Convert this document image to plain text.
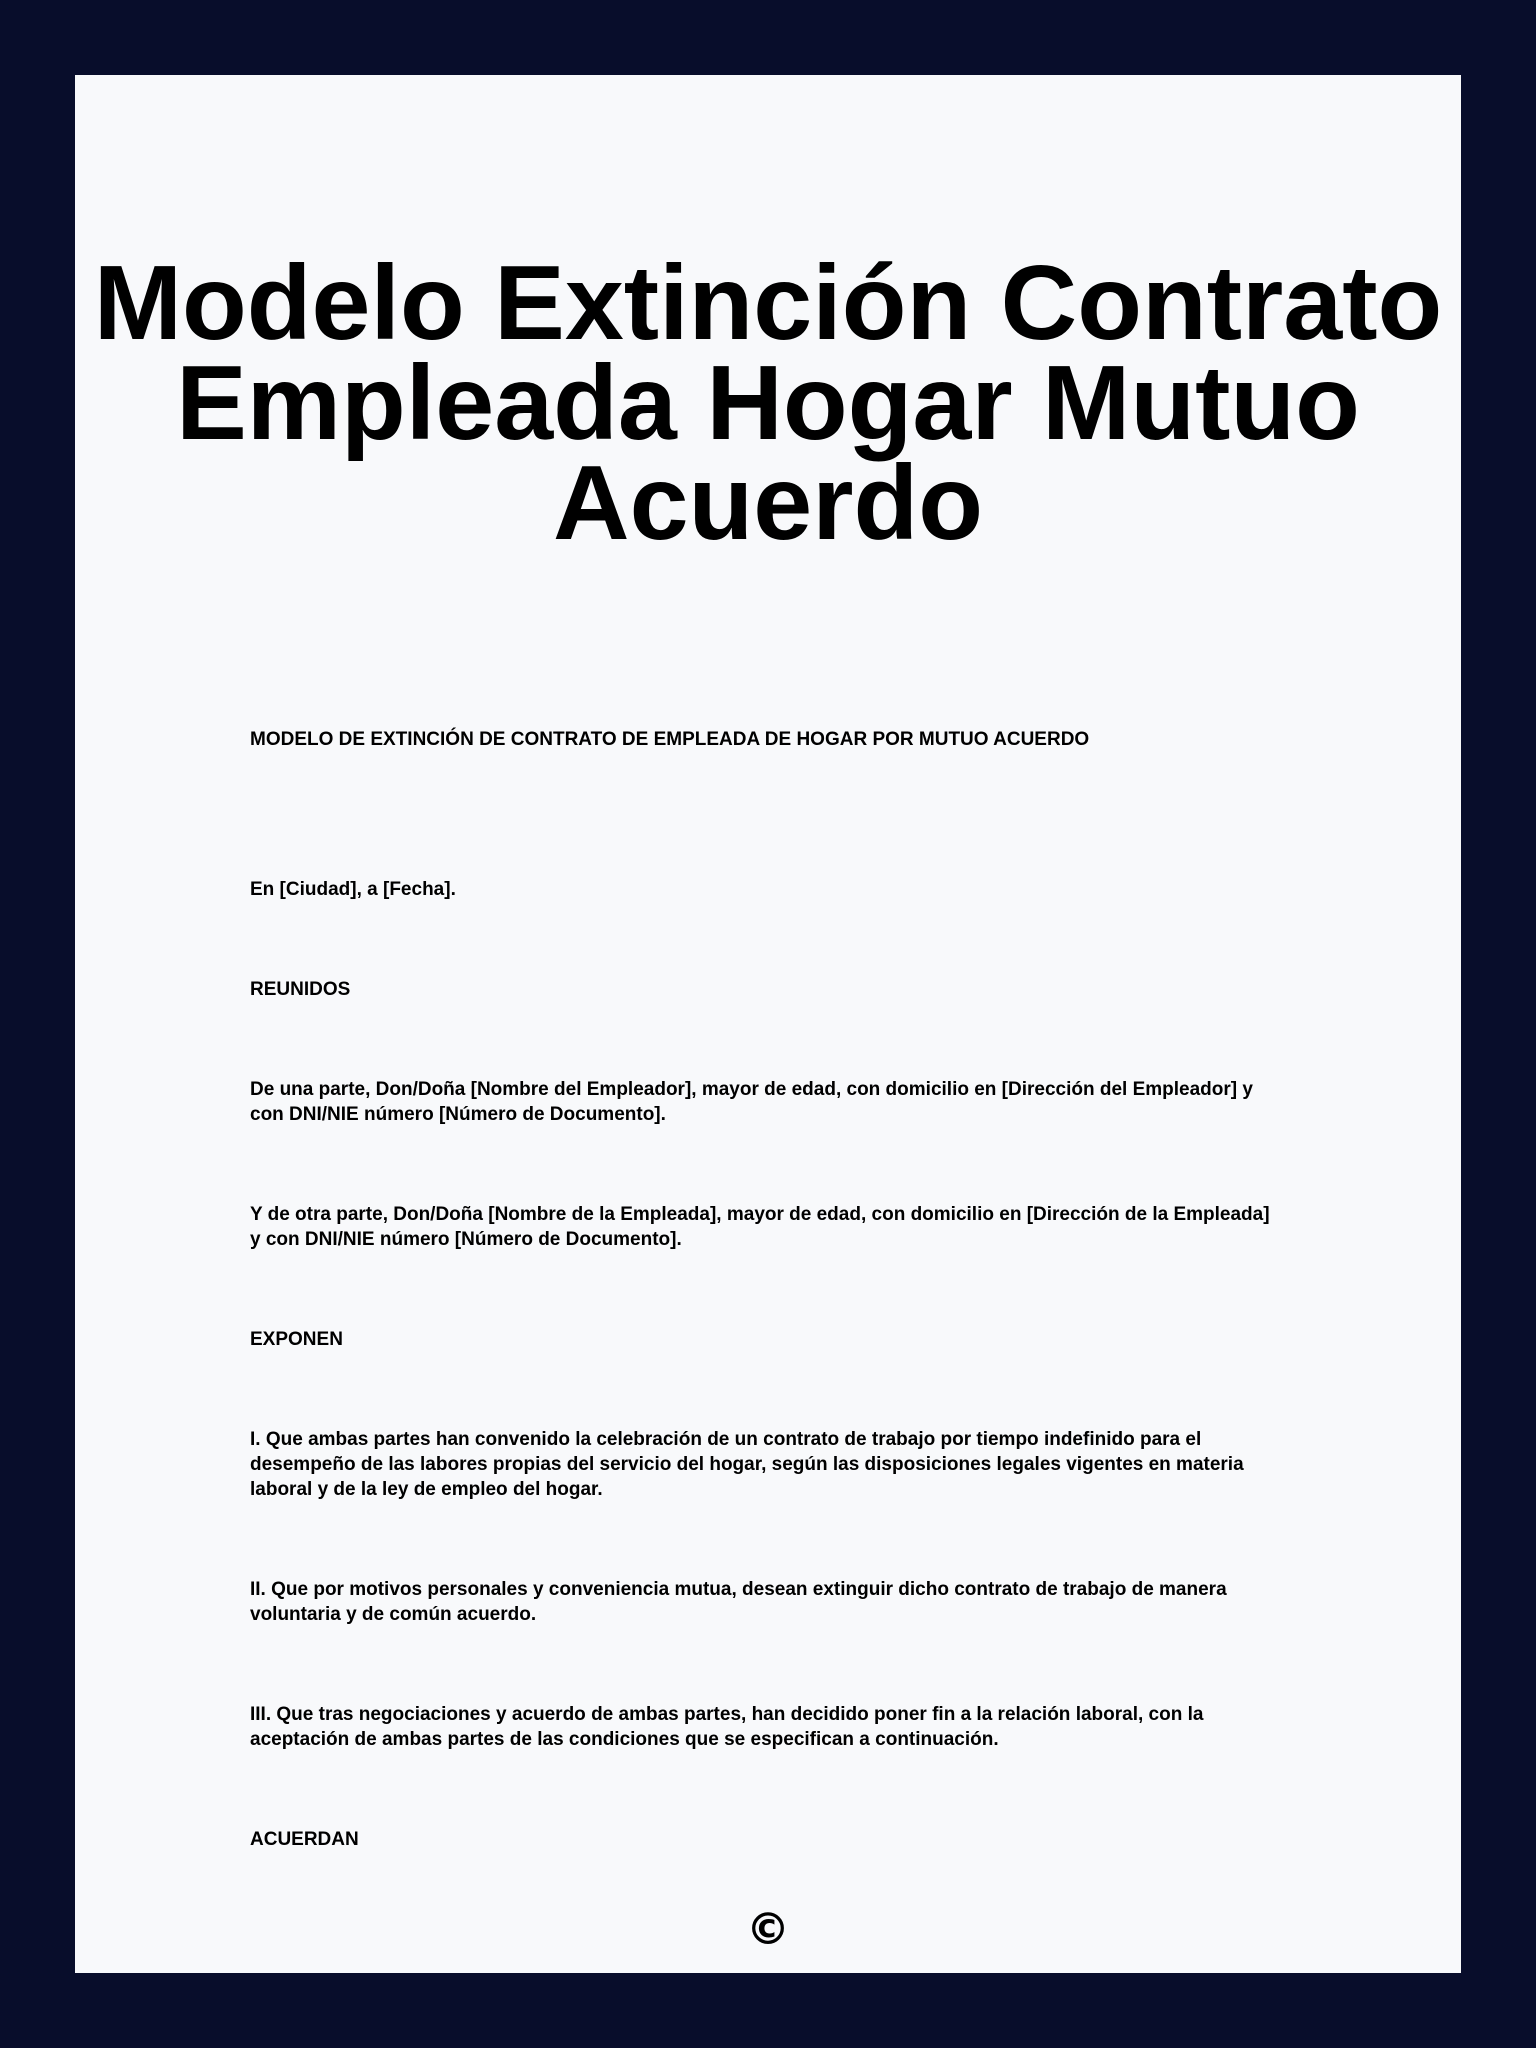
Modelo Extinción Contrato Empleada Hogar Mutuo Acuerdo

MODELO DE EXTINCIÓN DE CONTRATO DE EMPLEADA DE HOGAR POR MUTUO ACUERDO

En [Ciudad], a [Fecha].

REUNIDOS

De una parte, Don/Doña [Nombre del Empleador], mayor de edad, con domicilio en [Dirección del Empleador] y con DNI/NIE número [Número de Documento].

Y de otra parte, Don/Doña [Nombre de la Empleada], mayor de edad, con domicilio en [Dirección de la Empleada] y con DNI/NIE número [Número de Documento].

EXPONEN

I. Que ambas partes han convenido la celebración de un contrato de trabajo por tiempo indefinido para el desempeño de las labores propias del servicio del hogar, según las disposiciones legales vigentes en materia laboral y de la ley de empleo del hogar.

II. Que por motivos personales y conveniencia mutua, desean extinguir dicho contrato de trabajo de manera voluntaria y de común acuerdo.

III. Que tras negociaciones y acuerdo de ambas partes, han decidido poner fin a la relación laboral, con la aceptación de ambas partes de las condiciones que se especifican a continuación.

ACUERDAN

©
